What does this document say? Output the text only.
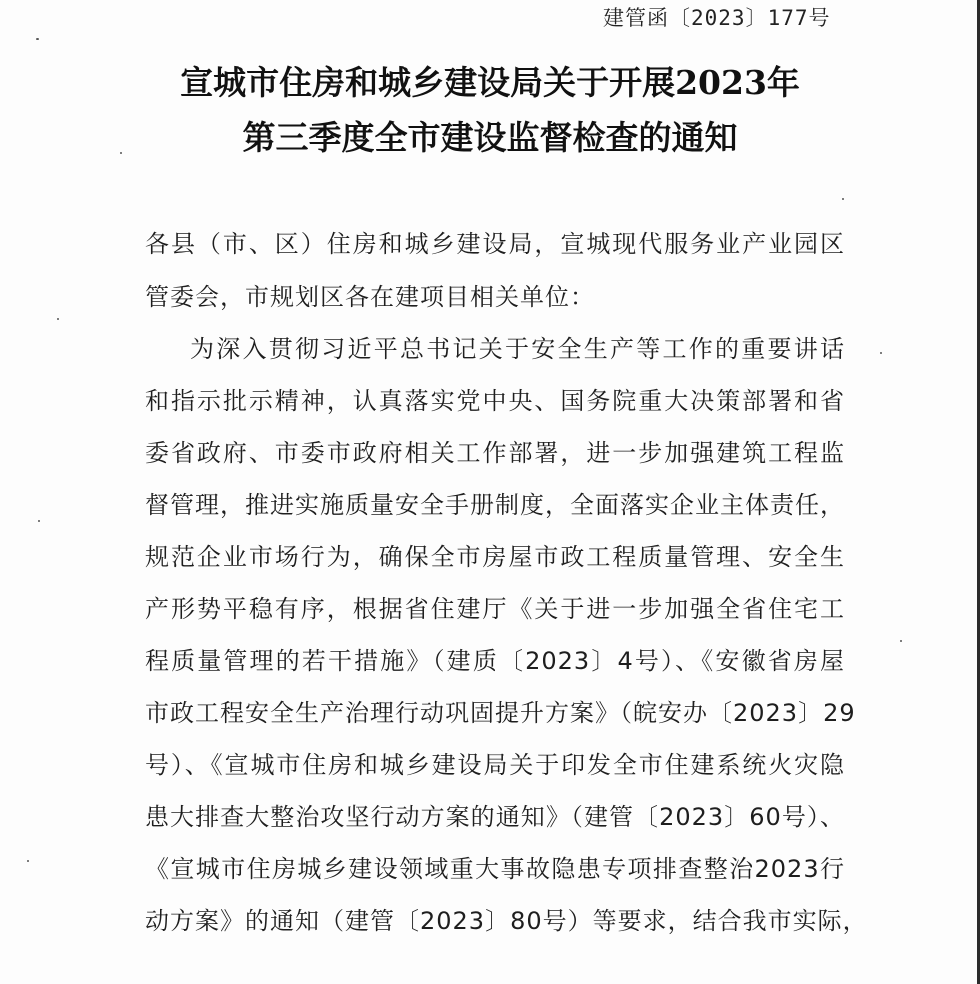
建管函〔2023〕177号
宣城市住房和城乡建设局关于开展2023年
第三季度全市建设监督检查的通知
各县（市、区）住房和城乡建设局，宣城现代服务业产业园区
管委会，市规划区各在建项目相关单位：
为深入贯彻习近平总书记关于安全生产等工作的重要讲话
和指示批示精神，认真落实党中央、国务院重大决策部署和省
委省政府、市委市政府相关工作部署，进一步加强建筑工程监
督管理，推进实施质量安全手册制度，全面落实企业主体责任，
规范企业市场行为，确保全市房屋市政工程质量管理、安全生
产形势平稳有序，根据省住建厅《关于进一步加强全省住宅工
程质量管理的若干措施》（建质〔2023〕4号）、《安徽省房屋
市政工程安全生产治理行动巩固提升方案》（皖安办〔2023〕29
号）、《宣城市住房和城乡建设局关于印发全市住建系统火灾隐
患大排查大整治攻坚行动方案的通知》（建管〔2023〕60号）、
《宣城市住房城乡建设领域重大事故隐患专项排查整治2023行
动方案》的通知（建管〔2023〕80号）等要求，结合我市实际，
